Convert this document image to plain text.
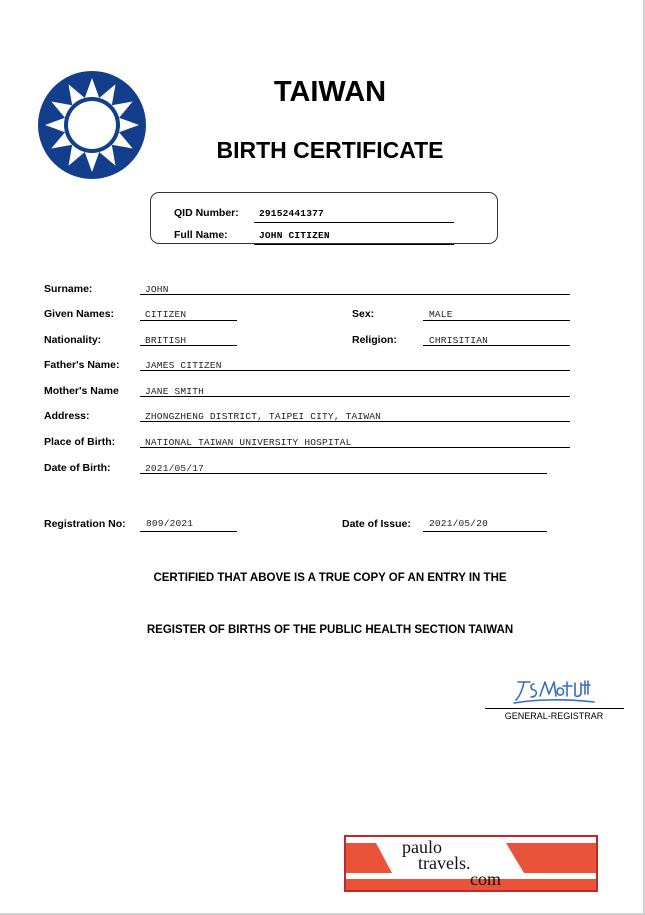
TAIWAN
BIRTH CERTIFICATE
QID Number: 29152441377
Full Name:	JOHN CITIZEN
Surname:	JOHN
Given Names:	CITIZEN	Sex:	MALE
Nationality:	BRITISH	Religion:	CHRISITIAN
Father's Name:	JAMES CITIZEN
Mother's Name	JANE SMITH
Address:	ZHONGZHENG DISTRICT, TAIPEI CITY, TAIWAN
Place of Birth:	NATIONAL TAIWAN UNIVERSITY HOSPITAL
Date of Birth:	2021/05/17
Registration No: 809/2021	Date of Issue: 2021/05/20
CERTIFIED THAT ABOVE IS A TRUE COPY OF AN ENTRY IN THE
REGISTER OF BIRTHS OF THE PUBLIC HEALTH SECTION TAIWAN
GENERAL-REGISTRAR
paulo
travels.
com
